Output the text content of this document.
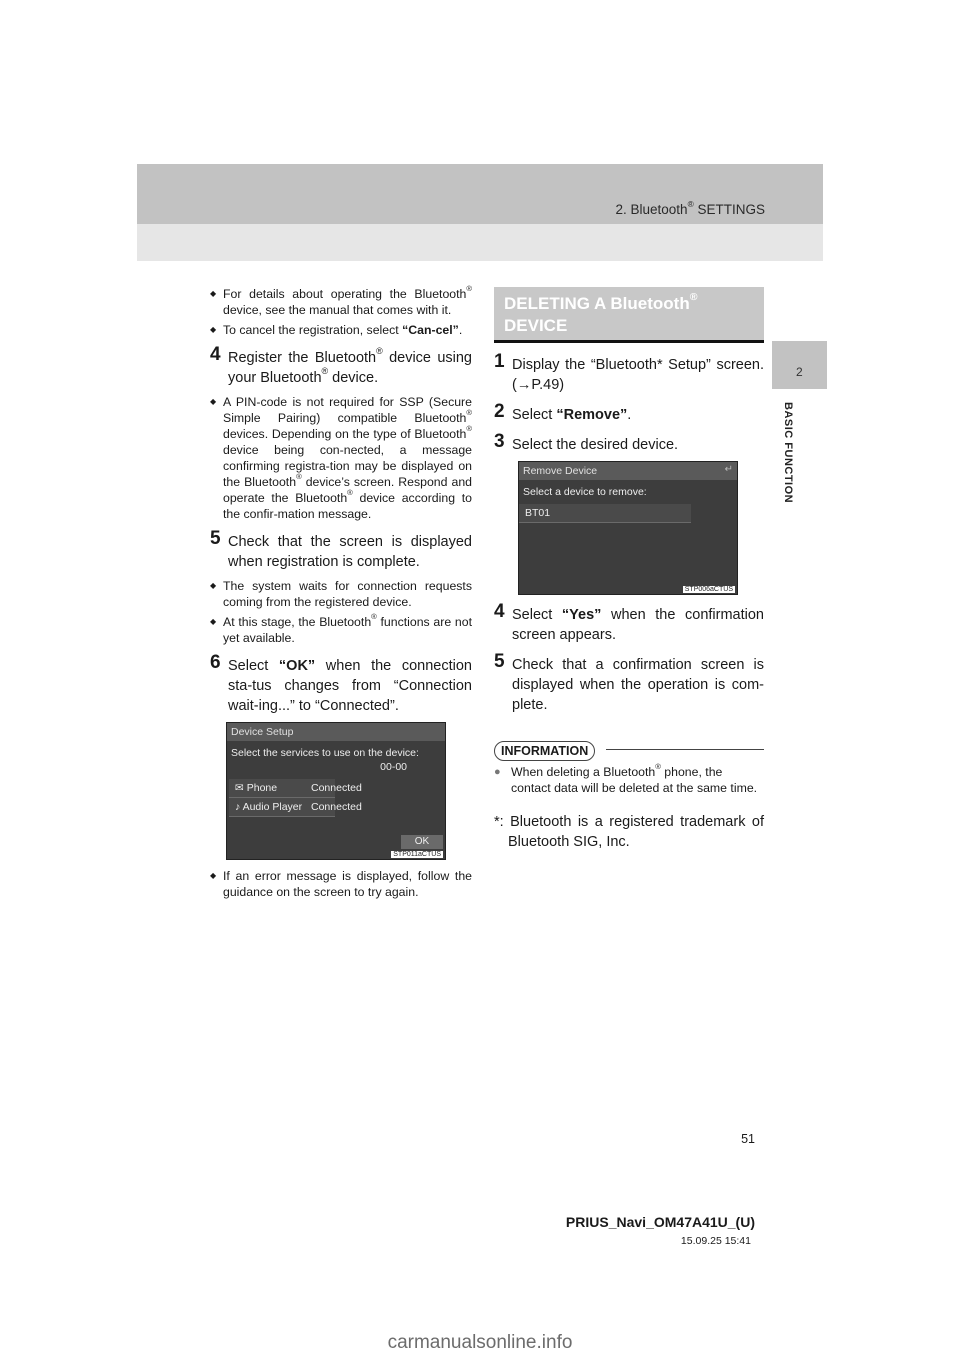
2. Bluetooth® SETTINGS
2
BASIC FUNCTION

◆ For details about operating the Bluetooth® device, see the manual that comes with it.

◆ To cancel the registration, select “Can-cel”.

4 Register the Bluetooth® device using your Bluetooth® device.

◆ A PIN-code is not required for SSP (Secure Simple Pairing) compatible Bluetooth® devices. Depending on the type of Bluetooth® device being con-nected, a message confirming registra-tion may be displayed on the Bluetooth® device’s screen. Respond and operate the Bluetooth® device according to the confir-mation message.

5 Check that the screen is displayed when registration is complete.

◆ The system waits for connection requests coming from the registered device.

◆ At this stage, the Bluetooth® functions are not yet available.

6 Select “OK” when the connection sta-tus changes from “Connection wait-ing...” to “Connected”.
Device Setup
Select the services to use on the device:
00-00
✉ Phone	Connected
♪ Audio Player Connected
OK
STP011aCTUS

◆ If an error message is displayed, follow the guidance on the screen to try again.

DELETING A Bluetooth®
DEVICE
1 Display the “Bluetooth* Setup” screen. (→P.49)
2 Select “Remove”.
3 Select the desired device.
Remove Device	↵
Select a device to remove:
BT01
STP006aCTUS
4 Select “Yes” when the confirmation screen appears.
5 Check that a confirmation screen is displayed when the operation is com-plete.
INFORMATION

● When deleting a Bluetooth® phone, the contact data will be deleted at the same time.

*: Bluetooth is a registered trademark of Bluetooth SIG, Inc.

51
PRIUS_Navi_OM47A41U_(U)
15.09.25 15:41
carmanualsonline.info
